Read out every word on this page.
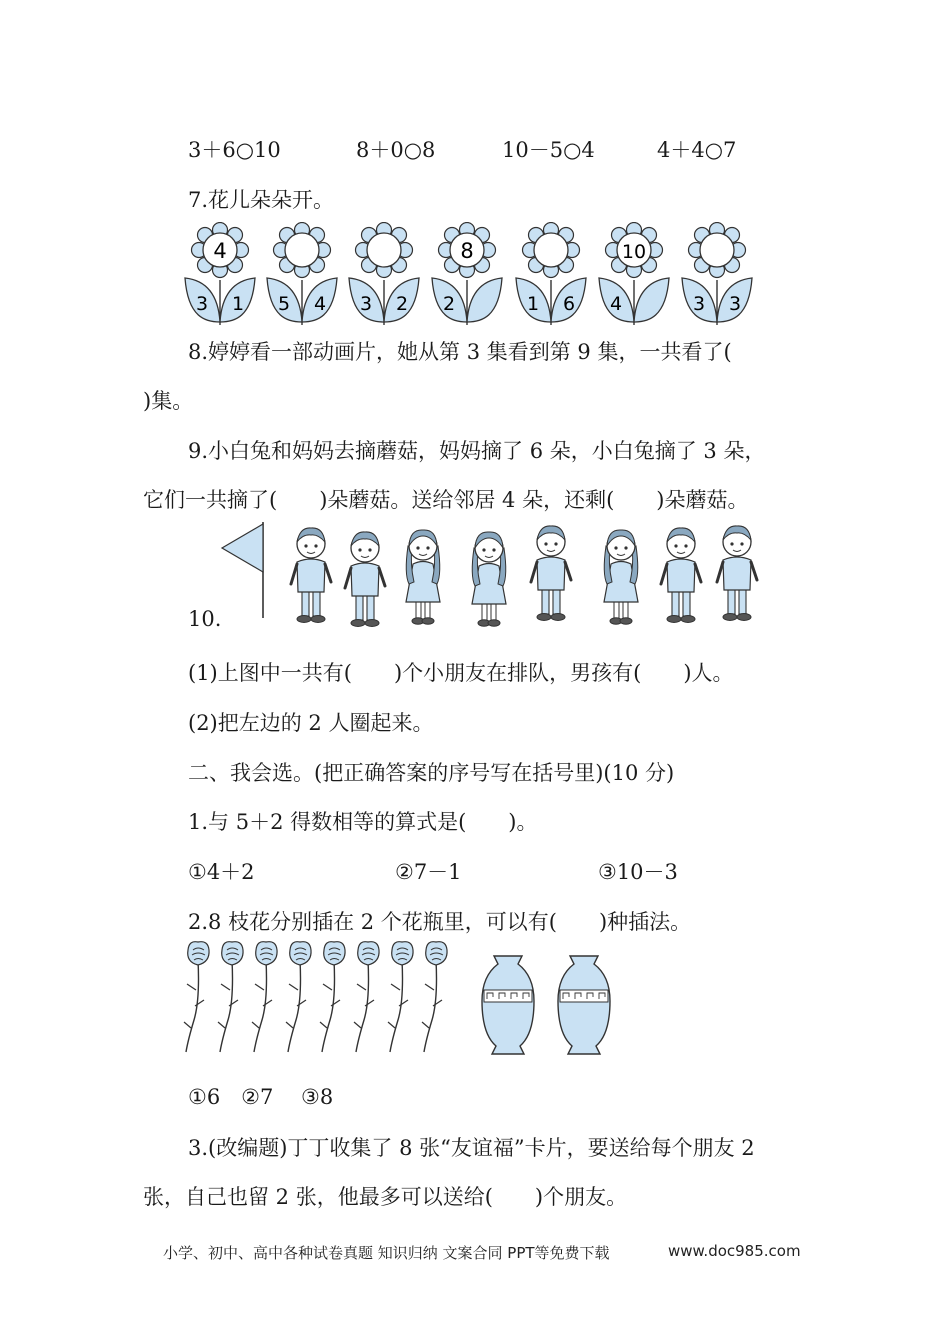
3＋6○10	8＋0○8	10－5○4	4＋4○7
7.花儿朵朵开。
4
3 1 5 4 3 2
8
2	1 6
10
4	3 3
8.婷婷看一部动画片，她从第 3 集看到第 9 集，一共看了(
)集。
9.小白兔和妈妈去摘蘑菇，妈妈摘了 6 朵，小白兔摘了 3 朵，
它们一共摘了(　　)朵蘑菇。送给邻居 4 朵，还剩(　　)朵蘑菇。
10.
(1)上图中一共有(　　)个小朋友在排队，男孩有(　　)人。
(2)把左边的 2 人圈起来。
二、我会选。(把正确答案的序号写在括号里)(10 分)
1.与 5＋2 得数相等的算式是(　　)。
①4＋2	②7－1	③10－3
2.8 枝花分别插在 2 个花瓶里，可以有(　　)种插法。
①6　②7　 ③8
3.(改编题)丁丁收集了 8 张“友谊福”卡片，要送给每个朋友 2
张，自己也留 2 张，他最多可以送给(　　)个朋友。
小学、初中、高中各种试卷真题 知识归纳 文案合同 PPT等免费下载	www.doc985.com
